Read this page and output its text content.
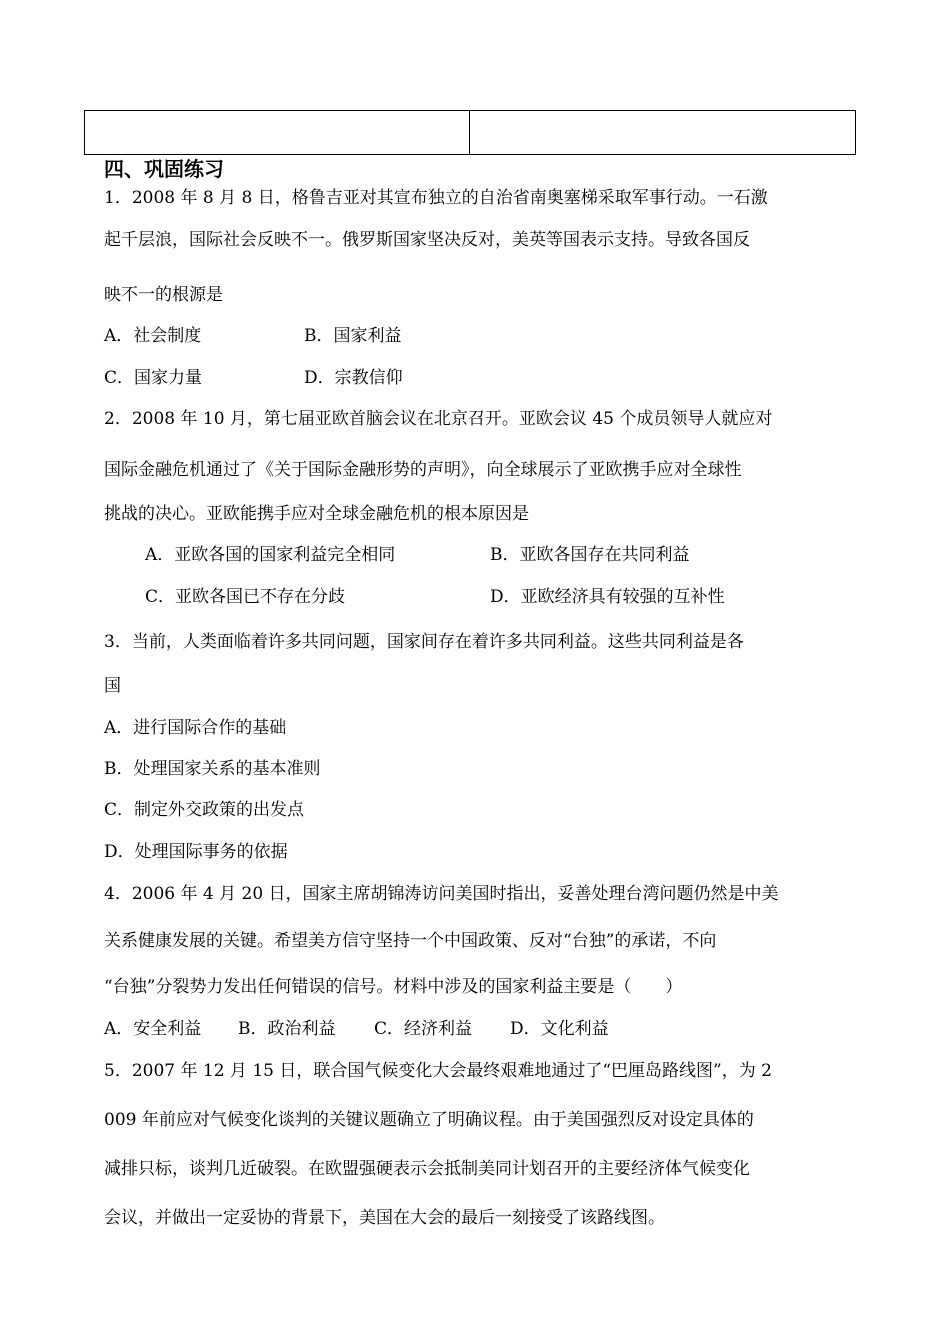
四、巩固练习
1．2008 年 8 月 8 日，格鲁吉亚对其宣布独立的自治省南奥塞梯采取军事行动。一石激
起千层浪，国际社会反映不一。俄罗斯国家坚决反对，美英等国表示支持。导致各国反
映不一的根源是
A．社会制度	B．国家利益
C．国家力量	D．宗教信仰
2．2008 年 10 月，第七届亚欧首脑会议在北京召开。亚欧会议 45 个成员领导人就应对
国际金融危机通过了《关于国际金融形势的声明》，向全球展示了亚欧携手应对全球性
挑战的决心。亚欧能携手应对全球金融危机的根本原因是
A．亚欧各国的国家利益完全相同	B．亚欧各国存在共同利益
C．亚欧各国已不存在分歧	D．亚欧经济具有较强的互补性
3．当前，人类面临着许多共同问题，国家间存在着许多共同利益。这些共同利益是各
国
A．进行国际合作的基础
B．处理国家关系的基本准则
C．制定外交政策的出发点
D．处理国际事务的依据
4．2006 年 4 月 20 日，国家主席胡锦涛访问美国时指出，妥善处理台湾问题仍然是中美
关系健康发展的关键。希望美方信守坚持一个中国政策、反对“台独”的承诺，不向
“台独”分裂势力发出任何错误的信号。材料中涉及的国家利益主要是（　　）
A．安全利益 B．政治利益 C．经济利益 D．文化利益
5．2007 年 12 月 15 日，联合国气候变化大会最终艰难地通过了“巴厘岛路线图”，为 2
009 年前应对气候变化谈判的关键议题确立了明确议程。由于美国强烈反对设定具体的
减排只标，谈判几近破裂。在欧盟强硬表示会抵制美同计划召开的主要经济体气候变化
会议，并做出一定妥协的背景下，美国在大会的最后一刻接受了该路线图。
